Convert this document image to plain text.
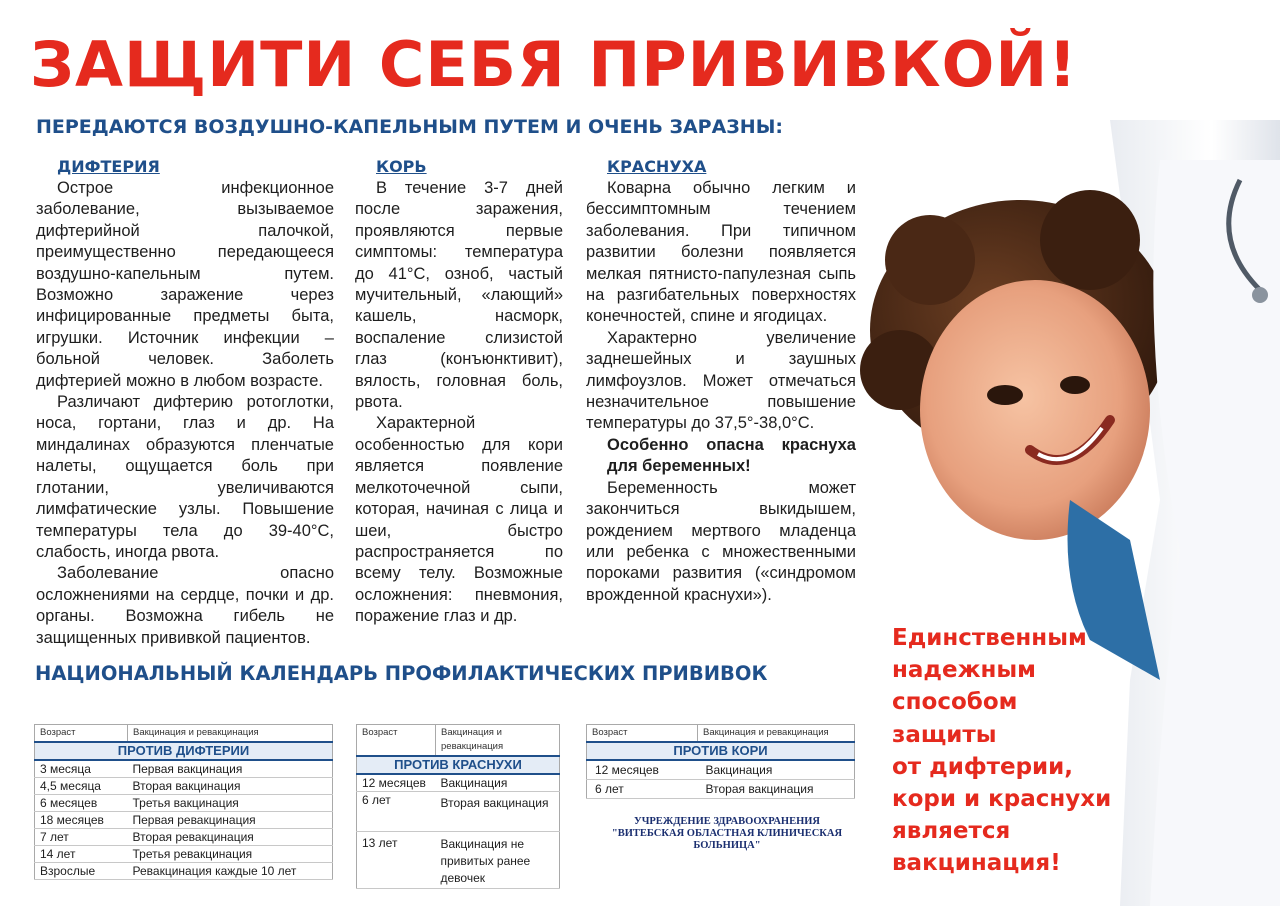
ЗАЩИТИ СЕБЯ ПРИВИВКОЙ!
ПЕРЕДАЮТСЯ ВОЗДУШНО-КАПЕЛЬНЫМ ПУТЕМ И ОЧЕНЬ ЗАРАЗНЫ:
ДИФТЕРИЯ

Острое инфекционное заболевание, вызываемое дифтерийной палочкой, преимущественно передающееся воздушно-капельным путем. Возможно заражение через инфицированные предметы быта, игрушки. Источник инфекции – больной человек. Заболеть дифтерией можно в любом возрасте.

Различают дифтерию ротоглотки, носа, гортани, глаз и др. На миндалинах образуются пленчатые налеты, ощущается боль при глотании, увеличиваются лимфатические узлы. Повышение температуры тела до 39-40°С, слабость, иногда рвота.

Заболевание опасно осложнениями на сердце, почки и др. органы. Возможна гибель не защищенных прививкой пациентов.

КОРЬ

В течение 3-7 дней после заражения, проявляются первые симптомы: температура до 41°С, озноб, частый мучительный, «лающий» кашель, насморк, воспаление слизистой глаз (конъюнктивит), вялость, головная боль, рвота.

Характерной особенностью для кори является появление мелкоточечной сыпи, которая, начиная с лица и шеи, быстро распространяется по всему телу. Возможные осложнения: пневмония, поражение глаз и др.

КРАСНУХА

Коварна обычно легким и бессимптомным течением заболевания. При типичном развитии болезни появляется мелкая пятнисто-папулезная сыпь на разгибательных поверхностях конечностей, спине и ягодицах.

Характерно увеличение заднешейных и заушных лимфоузлов. Может отмечаться незначительное повышение температуры до 37,5°-38,0°С.

Особенно опасна краснуха для беременных!

Беременность может закончиться выкидышем, рождением мертвого младенца или ребенка с множественными пороками развития («синдромом врожденной краснухи»).

НАЦИОНАЛЬНЫЙ КАЛЕНДАРЬ ПРОФИЛАКТИЧЕСКИХ ПРИВИВОК
Возраст	Вакцинация и ревакцинация
ПРОТИВ ДИФТЕРИИ	
3 месяца	Первая вакцинация
4,5 месяца	Вторая вакцинация
6 месяцев	Третья вакцинация
18 месяцев	Первая ревакцинация
7 лет	Вторая ревакцинация
14 лет	Третья ревакцинация
Взрослые	Ревакцинация каждые 10 лет
Возраст	Вакцинация и ревакцинация
ПРОТИВ КРАСНУХИ	
12 месяцев	Вакцинация
6 лет	Вторая вакцинация
13 лет	Вакцинация не привитых ранее девочек
Возраст	Вакцинация и ревакцинация
ПРОТИВ КОРИ	
12 месяцев	Вакцинация
6 лет	Вторая вакцинация
УЧРЕЖДЕНИЕ ЗДРАВООХРАНЕНИЯ
"ВИТЕБСКАЯ ОБЛАСТНАЯ КЛИНИЧЕСКАЯ
БОЛЬНИЦА"
Единственным
надежным
способом
защиты
от дифтерии,
кори и краснухи
является
вакцинация!
